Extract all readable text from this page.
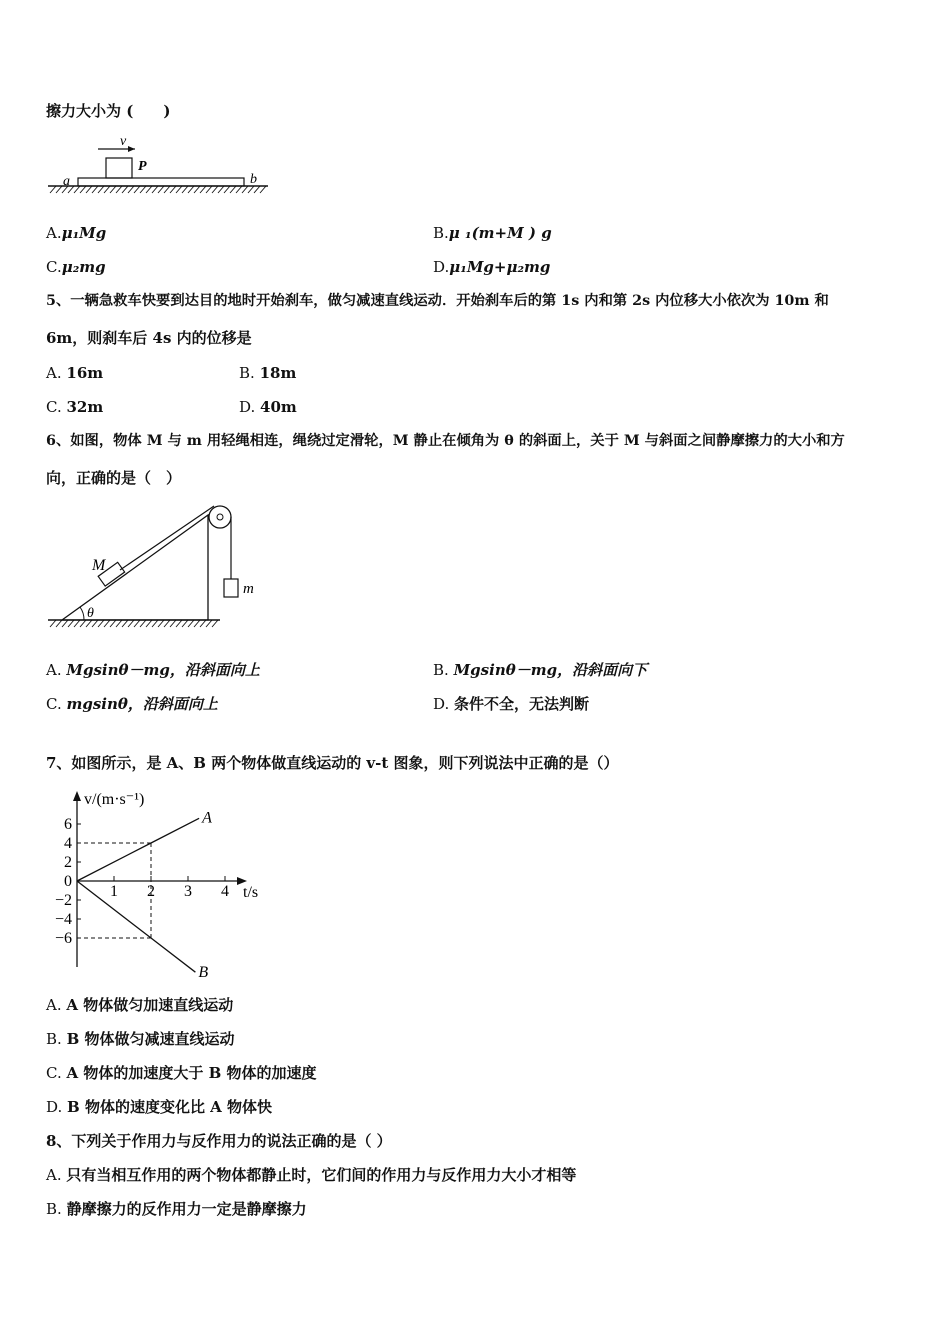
擦力大小为 (　　)
v
P
a	b
A.μ₁Mg	B.μ ₁(m+M ) g
C.μ₂mg	D.μ₁Mg+μ₂mg
5、一辆急救车快要到达目的地时开始刹车，做匀减速直线运动．开始刹车后的第 1s 内和第 2s 内位移大小依次为 10m 和
6m，则刹车后 4s 内的位移是
A. 16m	B. 18m
C. 32m	D. 40m
6、如图，物体 M 与 m 用轻绳相连，绳绕过定滑轮，M 静止在倾角为 θ 的斜面上，关于 M 与斜面之间静摩擦力的大小和方
向，正确的是（　）
M
m
θ
A. Mgsinθ－mg，沿斜面向上	B. Mgsinθ－mg，沿斜面向下
C. mgsinθ，沿斜面向上	D. 条件不全，无法判断
7、如图所示，是 A、B 两个物体做直线运动的 v-t 图象，则下列说法中正确的是（）
v/(m·s⁻¹)
t/s
1 2 3 4
6
4
2
0
−2
−4
−6
A
B
A. A 物体做匀加速直线运动
B. B 物体做匀减速直线运动
C. A 物体的加速度大于 B 物体的加速度
D. B 物体的速度变化比 A 物体快
8、下列关于作用力与反作用力的说法正确的是（ ）
A. 只有当相互作用的两个物体都静止时，它们间的作用力与反作用力大小才相等
B. 静摩擦力的反作用力一定是静摩擦力
